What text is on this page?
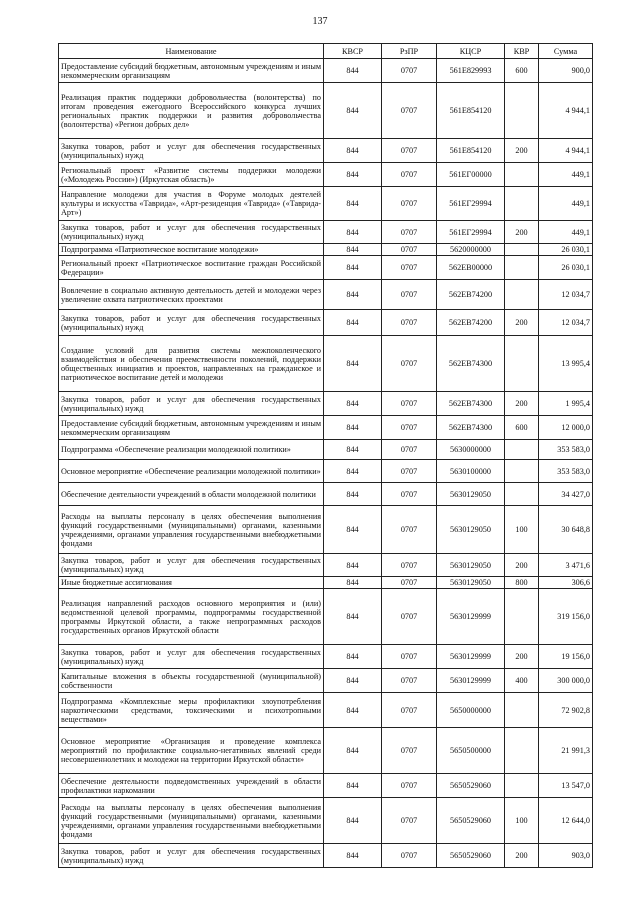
137
Наименование	КВСР	РзПР	КЦСР	КВР	Сумма
Предоставление субсидий бюджетным, автономным учреждениям и иным некоммерческим организациям	844	0707	561E829993	600	900,0
Реализация практик поддержки добровольчества (волонтерства) по итогам проведения ежегодного Всероссийского конкурса лучших региональных практик поддержки и развития добровольчества (волонтерства) «Регион добрых дел»	844	0707	561E854120		4 944,1
Закупка товаров, работ и услуг для обеспечения государственных (муниципальных) нужд	844	0707	561E854120	200	4 944,1
Региональный проект «Развитие системы поддержки молодежи («Молодежь России») (Иркутская область)»	844	0707	561EГ00000		449,1
Направление молодежи для участия в Форуме молодых деятелей культуры и искусства «Таврида», «Арт-резиденция «Таврида» («Таврида-Арт»)	844	0707	561EГ29994		449,1
Закупка товаров, работ и услуг для обеспечения государственных (муниципальных) нужд	844	0707	561EГ29994	200	449,1
Подпрограмма «Патриотическое воспитание молодежи»	844	0707	5620000000		26 030,1
Региональный проект «Патриотическое воспитание граждан Российской Федерации»	844	0707	562EB00000		26 030,1
Вовлечение в социально активную деятельность детей и молодежи через увеличение охвата патриотических проектами	844	0707	562EB74200		12 034,7
Закупка товаров, работ и услуг для обеспечения государственных (муниципальных) нужд	844	0707	562EB74200	200	12 034,7
Создание условий для развития системы межпоколенческого взаимодействия и обеспечения преемственности поколений, поддержки общественных инициатив и проектов, направленных на гражданское и патриотическое воспитание детей и молодежи	844	0707	562EB74300		13 995,4
Закупка товаров, работ и услуг для обеспечения государственных (муниципальных) нужд	844	0707	562EB74300	200	1 995,4
Предоставление субсидий бюджетным, автономным учреждениям и иным некоммерческим организациям	844	0707	562EB74300	600	12 000,0
Подпрограмма «Обеспечение реализации молодежной политики»	844	0707	5630000000		353 583,0
Основное мероприятие «Обеспечение реализации молодежной политики»	844	0707	5630100000		353 583,0
Обеспечение деятельности учреждений в области молодежной политики	844	0707	5630129050		34 427,0
Расходы на выплаты персоналу в целях обеспечения выполнения функций государственными (муниципальными) органами, казенными учреждениями, органами управления государственными внебюджетными фондами	844	0707	5630129050	100	30 648,8
Закупка товаров, работ и услуг для обеспечения государственных (муниципальных) нужд	844	0707	5630129050	200	3 471,6
Иные бюджетные ассигнования	844	0707	5630129050	800	306,6
Реализация направлений расходов основного мероприятия и (или) ведомственной целевой программы, подпрограммы государственной программы Иркутской области, а также непрограммных расходов государственных органов Иркутской области	844	0707	5630129999		319 156,0
Закупка товаров, работ и услуг для обеспечения государственных (муниципальных) нужд	844	0707	5630129999	200	19 156,0
Капитальные вложения в объекты государственной (муниципальной) собственности	844	0707	5630129999	400	300 000,0
Подпрограмма «Комплексные меры профилактики злоупотребления наркотическими средствами, токсическими и психотропными веществами»	844	0707	5650000000		72 902,8
Основное мероприятие «Организация и проведение комплекса мероприятий по профилактике социально-негативных явлений среди несовершеннолетних и молодежи на территории Иркутской области»	844	0707	5650500000		21 991,3
Обеспечение деятельности подведомственных учреждений в области профилактики наркомании	844	0707	5650529060		13 547,0
Расходы на выплаты персоналу в целях обеспечения выполнения функций государственными (муниципальными) органами, казенными учреждениями, органами управления государственными внебюджетными фондами	844	0707	5650529060	100	12 644,0
Закупка товаров, работ и услуг для обеспечения государственных (муниципальных) нужд	844	0707	5650529060	200	903,0
